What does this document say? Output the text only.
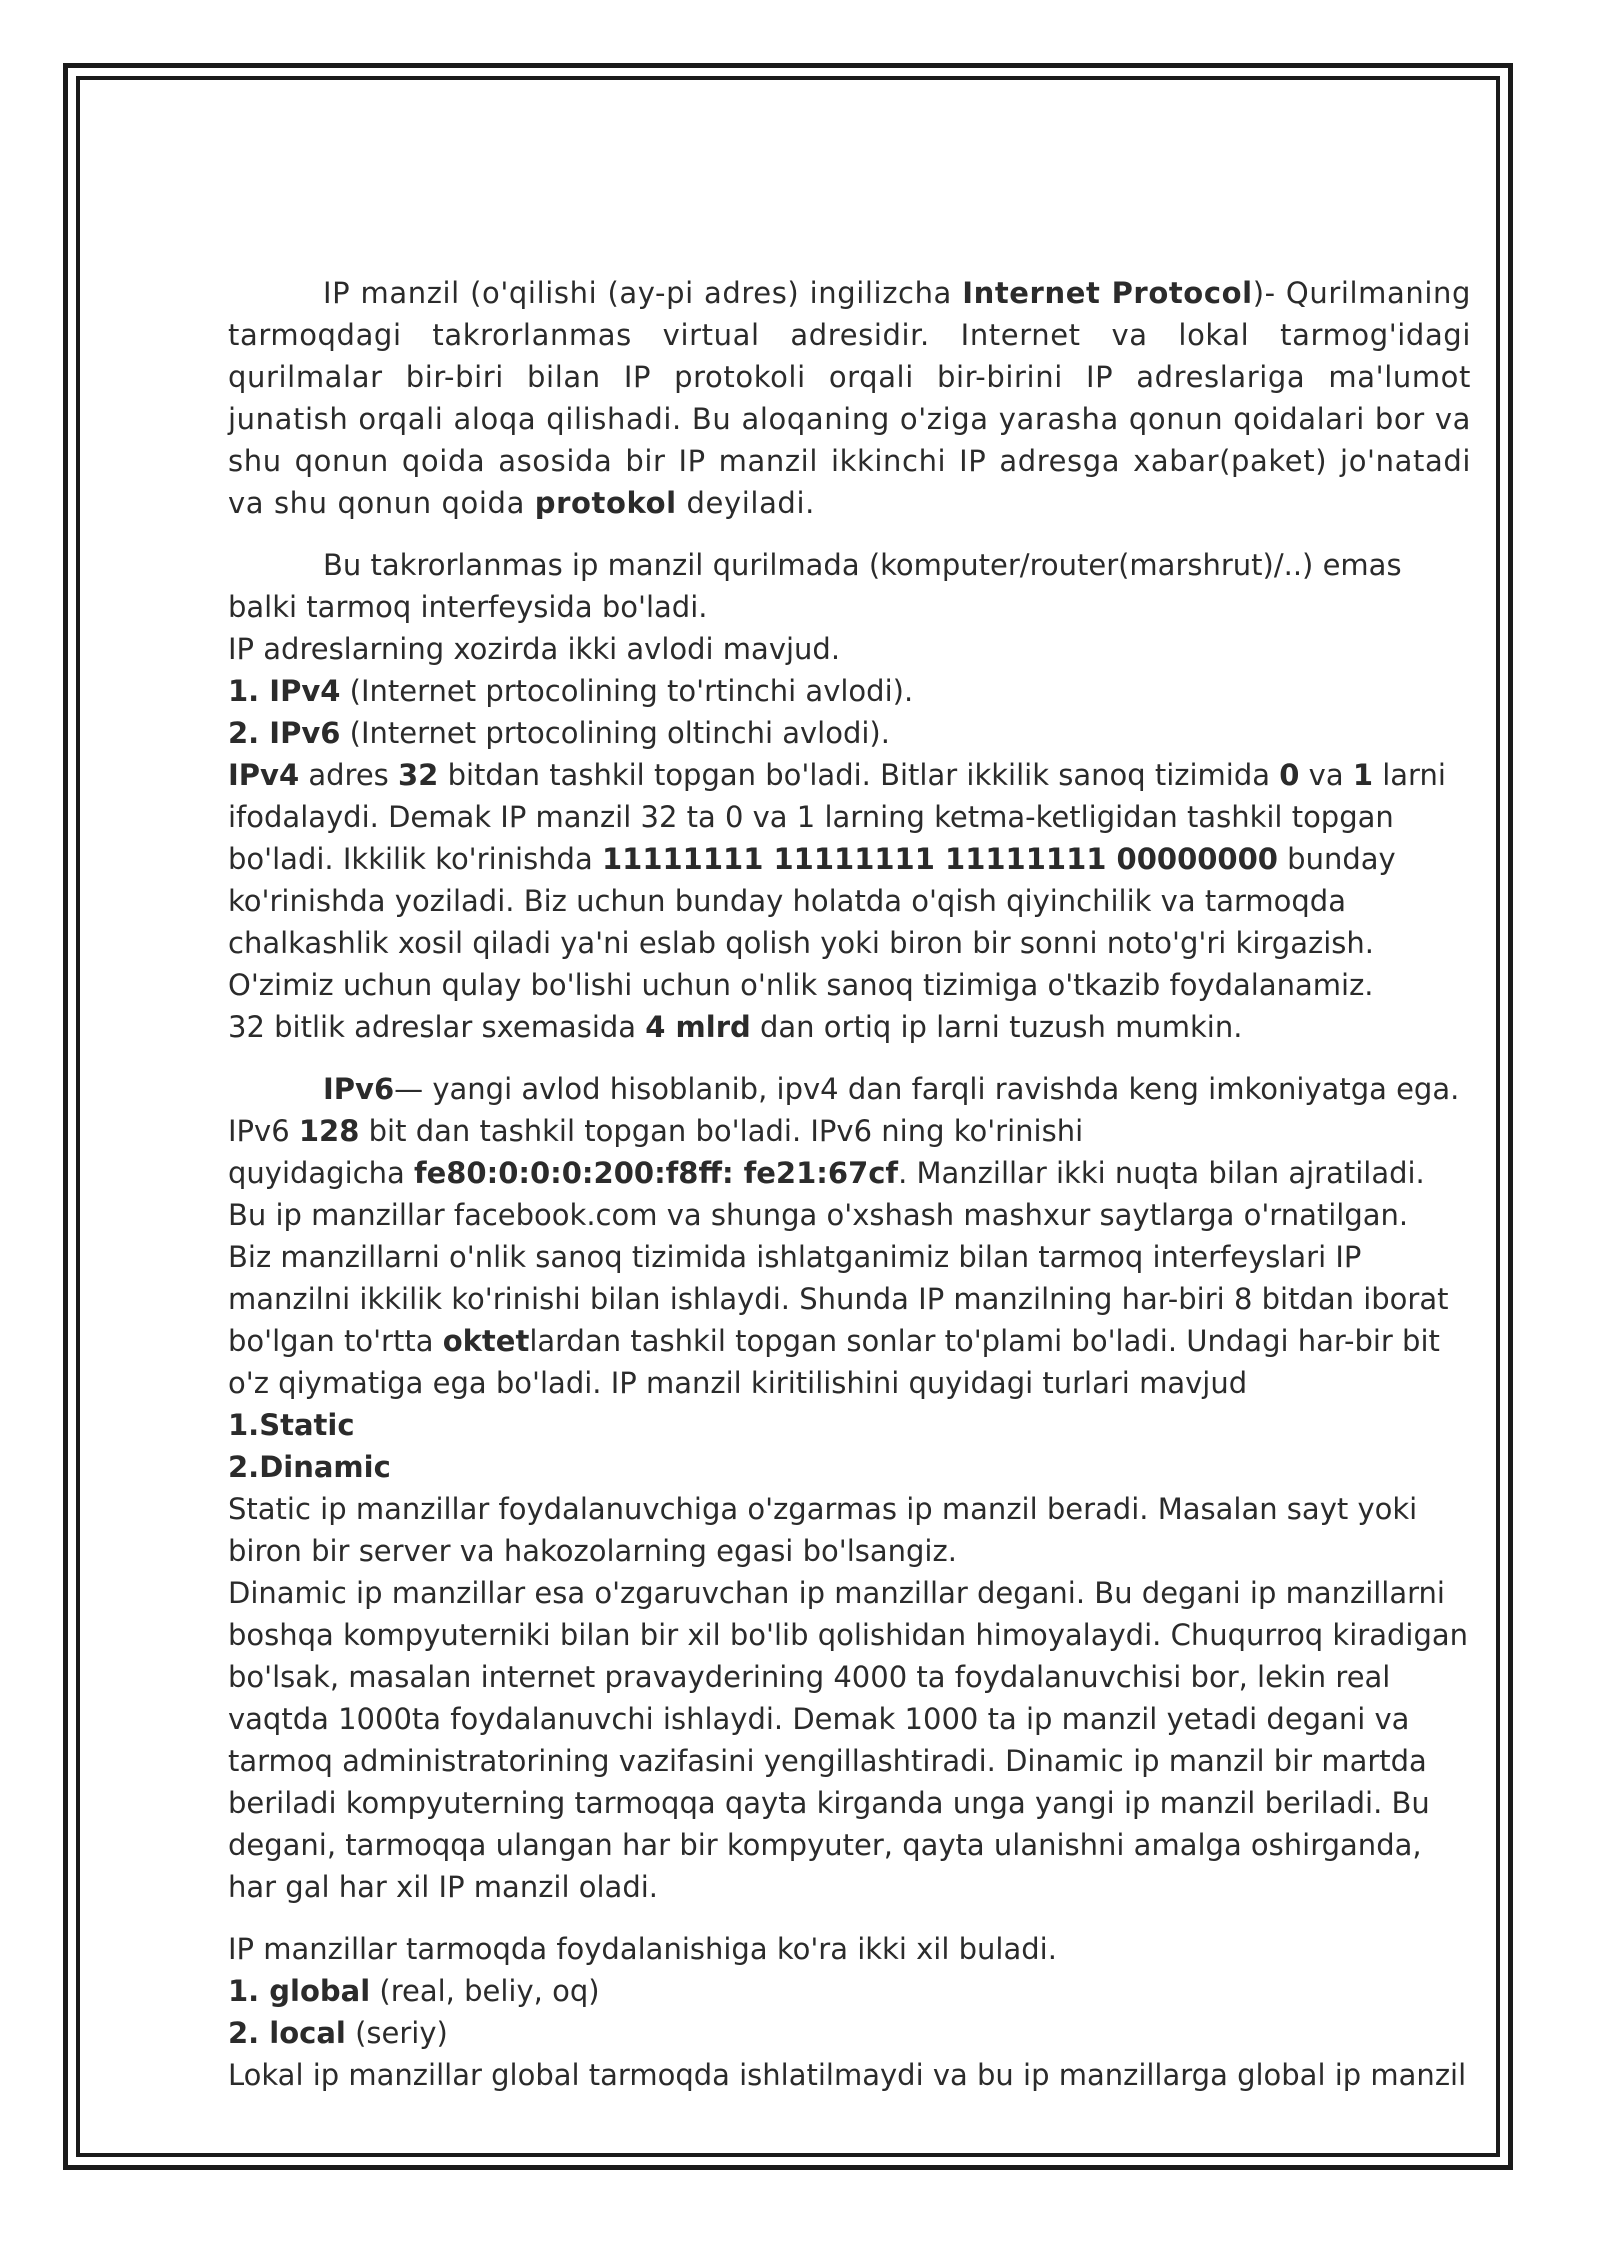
IP manzil (o'qilishi (ay-pi adres) ingilizcha Internet Protocol)- Qurilmaning tarmoqdagi takrorlanmas virtual adresidir. Internet va lokal tarmog'idagi qurilmalar bir-biri bilan IP protokoli orqali bir-birini IP adreslariga ma'lumot junatish orqali aloqa qilishadi. Bu aloqaning o'ziga yarasha qonun qoidalari bor va shu qonun qoida asosida bir IP manzil ikkinchi IP adresga xabar(paket) jo'natadi va shu qonun qoida protokol deyiladi.

Bu takrorlanmas ip manzil qurilmada (komputer/router(marshrut)/..) emas balki tarmoq interfeysida bo'ladi.

IP adreslarning xozirda ikki avlodi mavjud.

1. IPv4 (Internet prtocolining to'rtinchi avlodi).

2. IPv6 (Internet prtocolining oltinchi avlodi).

IPv4 adres 32 bitdan tashkil topgan bo'ladi. Bitlar ikkilik sanoq tizimida 0 va 1 larni ifodalaydi. Demak IP manzil 32 ta 0 va 1 larning ketma-ketligidan tashkil topgan bo'ladi. Ikkilik ko'rinishda 11111111 11111111 11111111 00000000 bunday ko'rinishda yoziladi. Biz uchun bunday holatda o'qish qiyinchilik va tarmoqda chalkashlik xosil qiladi ya'ni eslab qolish yoki biron bir sonni noto'g'ri kirgazish. O'zimiz uchun qulay bo'lishi uchun o'nlik sanoq tizimiga o'tkazib foydalanamiz.

32 bitlik adreslar sxemasida 4 mlrd dan ortiq ip larni tuzush mumkin.

IPv6— yangi avlod hisoblanib, ipv4 dan farqli ravishda keng imkoniyatga ega.

IPv6 128 bit dan tashkil topgan bo'ladi. IPv6 ning ko'rinishi

quyidagicha fe80:0:0:0:200:f8ff: fe21:67cf. Manzillar ikki nuqta bilan ajratiladi. Bu ip manzillar facebook.com va shunga o'xshash mashxur saytlarga o'rnatilgan.

Biz manzillarni o'nlik sanoq tizimida ishlatganimiz bilan tarmoq interfeyslari IP manzilni ikkilik ko'rinishi bilan ishlaydi. Shunda IP manzilning har-biri 8 bitdan iborat bo'lgan to'rtta oktetlardan tashkil topgan sonlar to'plami bo'ladi. Undagi har-bir bit o'z qiymatiga ega bo'ladi. IP manzil kiritilishini quyidagi turlari mavjud

1.Static

2.Dinamic

Static ip manzillar foydalanuvchiga o'zgarmas ip manzil beradi. Masalan sayt yoki biron bir server va hakozolarning egasi bo'lsangiz.

Dinamic ip manzillar esa o'zgaruvchan ip manzillar degani. Bu degani ip manzillarni boshqa kompyuterniki bilan bir xil bo'lib qolishidan himoyalaydi. Chuqurroq kiradigan bo'lsak, masalan internet pravayderining 4000 ta foydalanuvchisi bor, lekin real vaqtda 1000ta foydalanuvchi ishlaydi. Demak 1000 ta ip manzil yetadi degani va tarmoq administratorining vazifasini yengillashtiradi. Dinamic ip manzil bir martda beriladi kompyuterning tarmoqqa qayta kirganda unga yangi ip manzil beriladi. Bu degani, tarmoqqa ulangan har bir kompyuter, qayta ulanishni amalga oshirganda, har gal har xil IP manzil oladi.

IP manzillar tarmoqda foydalanishiga ko'ra ikki xil buladi.

1. global (real, beliy, oq)

2. local (seriy)

Lokal ip manzillar global tarmoqda ishlatilmaydi va bu ip manzillarga global ip manzil
